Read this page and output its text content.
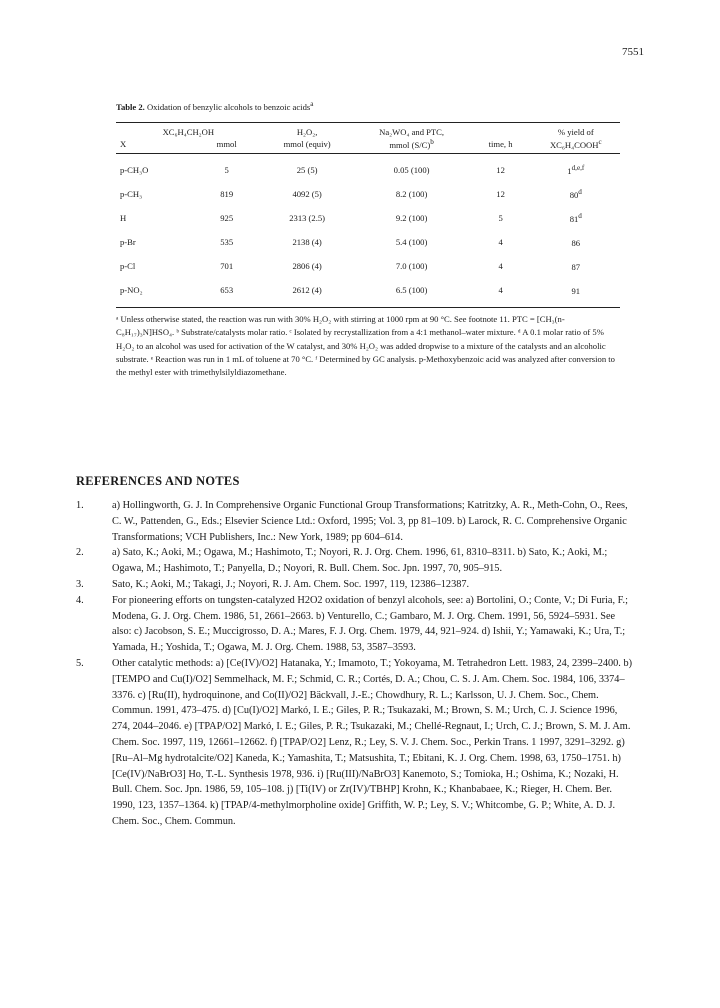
7551

Table 2. Oxidation of benzylic alcohols to benzoic acids$^a$

XC₆H₄CH₂OH		H₂O₂,	Na₂WO₄ and PTC,		% yield of
X	mmol	mmol (equiv)	mmol $(S/C)^b$	time, h	XC₆H₄COOH$^c$
p-CH₃O	5	25 (5)	0.05 (100)	12	1$^{d,e,f}$
p-CH₃	819	4092 (5)	8.2 (100)	12	80$^d$
H	925	2313 (2.5)	9.2 (100)	5	81$^d$
p-Br	535	2138 (4)	5.4 (100)	4	86
p-Cl	701	2806 (4)	7.0 (100)	4	87
p-NO₂	653	2612 (4)	6.5 (100)	4	91

ᵃ Unless otherwise stated, the reaction was run with 30% H₂O₂ with stirring at 1000 rpm at 90 °C. See footnote 11. PTC = [CH₃(n-C₈H₁₇)₃N]HSO₄. ᵇ Substrate/catalysts molar ratio. ᶜ Isolated by recrystallization from a 4:1 methanol–water mixture. ᵈ A 0.1 molar ratio of 5% H₂O₂ to an alcohol was used for activation of the W catalyst, and 30% H₂O₂ was added dropwise to a mixture of the catalysts and an alcoholic substrate. ᵉ Reaction was run in 1 mL of toluene at 70 °C. ᶠ Determined by GC analysis. p-Methoxybenzoic acid was analyzed after conversion to the methyl ester with trimethylsilyldiazomethane.

REFERENCES AND NOTES
1.	a) Hollingworth, G. J. In Comprehensive Organic Functional Group Transformations; Katritzky, A. R., Meth-Cohn, O., Rees, C. W., Pattenden, G., Eds.; Elsevier Science Ltd.: Oxford, 1995; Vol. 3, pp 81–109. b) Larock, R. C. Comprehensive Organic Transformations; VCH Publishers, Inc.: New York, 1989; pp 604–614.
2.	a) Sato, K.; Aoki, M.; Ogawa, M.; Hashimoto, T.; Noyori, R. J. Org. Chem. 1996, 61, 8310–8311. b) Sato, K.; Aoki, M.; Ogawa, M.; Hashimoto, T.; Panyella, D.; Noyori, R. Bull. Chem. Soc. Jpn. 1997, 70, 905–915.
3.	Sato, K.; Aoki, M.; Takagi, J.; Noyori, R. J. Am. Chem. Soc. 1997, 119, 12386–12387.
4.	For pioneering efforts on tungsten-catalyzed H2O2 oxidation of benzyl alcohols, see: a) Bortolini, O.; Conte, V.; Di Furia, F.; Modena, G. J. Org. Chem. 1986, 51, 2661–2663. b) Venturello, C.; Gambaro, M. J. Org. Chem. 1991, 56, 5924–5931. See also: c) Jacobson, S. E.; Muccigrosso, D. A.; Mares, F. J. Org. Chem. 1979, 44, 921–924. d) Ishii, Y.; Yamawaki, K.; Ura, T.; Yamada, H.; Yoshida, T.; Ogawa, M. J. Org. Chem. 1988, 53, 3587–3593.
5.	Other catalytic methods: a) [Ce(IV)/O2] Hatanaka, Y.; Imamoto, T.; Yokoyama, M. Tetrahedron Lett. 1983, 24, 2399–2400. b) [TEMPO and Cu(I)/O2] Semmelhack, M. F.; Schmid, C. R.; Cortés, D. A.; Chou, C. S. J. Am. Chem. Soc. 1984, 106, 3374–3376. c) [Ru(II), hydroquinone, and Co(II)/O2] Bäckvall, J.-E.; Chowdhury, R. L.; Karlsson, U. J. Chem. Soc., Chem. Commun. 1991, 473–475. d) [Cu(I)/O2] Markó, I. E.; Giles, P. R.; Tsukazaki, M.; Brown, S. M.; Urch, C. J. Science 1996, 274, 2044–2046. e) [TPAP/O2] Markó, I. E.; Giles, P. R.; Tsukazaki, M.; Chellé-Regnaut, I.; Urch, C. J.; Brown, S. M. J. Am. Chem. Soc. 1997, 119, 12661–12662. f) [TPAP/O2] Lenz, R.; Ley, S. V. J. Chem. Soc., Perkin Trans. 1 1997, 3291–3292. g) [Ru–Al–Mg hydrotalcite/O2] Kaneda, K.; Yamashita, T.; Matsushita, T.; Ebitani, K. J. Org. Chem. 1998, 63, 1750–1751. h) [Ce(IV)/NaBrO3] Ho, T.-L. Synthesis 1978, 936. i) [Ru(III)/NaBrO3] Kanemoto, S.; Tomioka, H.; Oshima, K.; Nozaki, H. Bull. Chem. Soc. Jpn. 1986, 59, 105–108. j) [Ti(IV) or Zr(IV)/TBHP] Krohn, K.; Khanbabaee, K.; Rieger, H. Chem. Ber. 1990, 123, 1357–1364. k) [TPAP/4-methylmorpholine oxide] Griffith, W. P.; Ley, S. V.; Whitcombe, G. P.; White, A. D. J. Chem. Soc., Chem. Commun.
